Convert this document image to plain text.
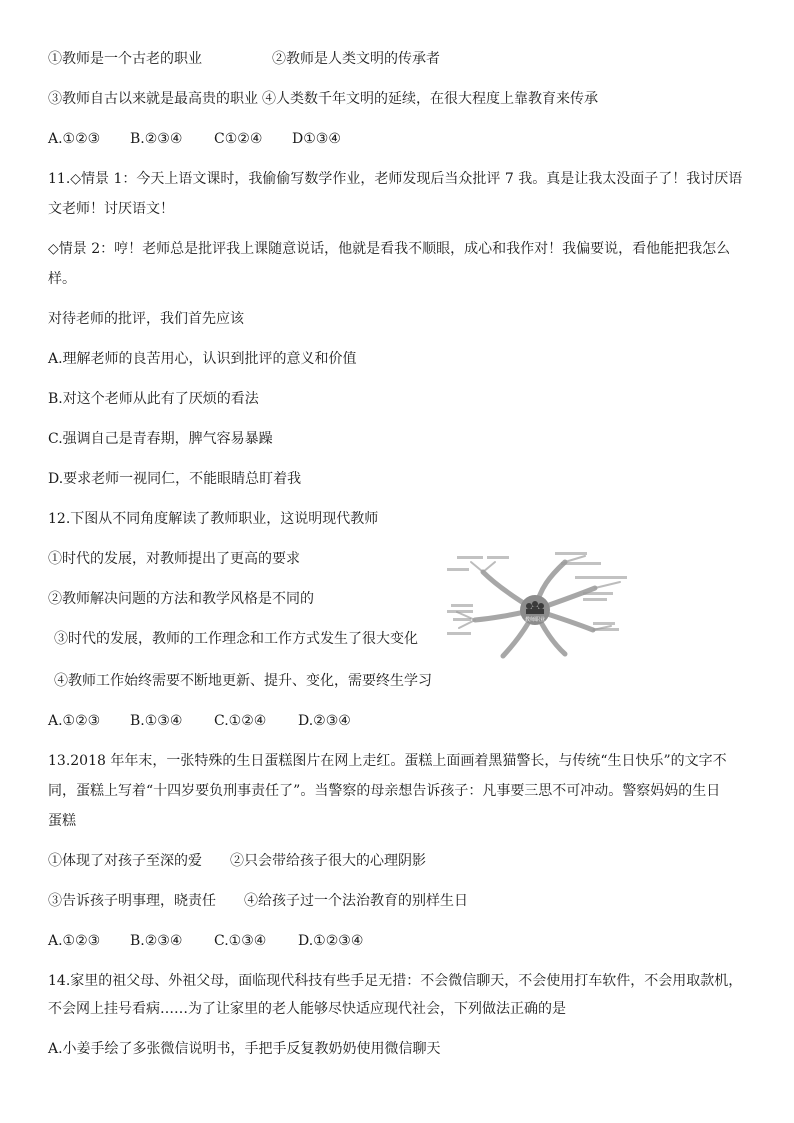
①教师是一个古老的职业	②教师是人类文明的传承者
③教师自古以来就是最高贵的职业 ④人类数千年文明的延续，在很大程度上靠教育来传承
A.①②③ B.②③④ C①②④ D①③④
11.◇情景 1：今天上语文课时，我偷偷写数学作业，老师发现后当众批评 7 我。真是让我太没面子了！我讨厌语
文老师！讨厌语文！
◇情景 2：哼！老师总是批评我上课随意说话，他就是看我不顺眼，成心和我作对！我偏要说，看他能把我怎么
样。
对待老师的批评，我们首先应该
A.理解老师的良苦用心，认识到批评的意义和价值
B.对这个老师从此有了厌烦的看法
C.强调自己是青春期，脾气容易暴躁
D.要求老师一视同仁，不能眼睛总盯着我
12.下图从不同角度解读了教师职业，这说明现代教师
①时代的发展，对教师提出了更高的要求
②教师解决问题的方法和教学风格是不同的
③时代的发展，教师的工作理念和工作方式发生了很大变化
④教师工作始终需要不断地更新、提升、变化，需要终生学习
A.①②③ B.①③④ C.①②④ D.②③④
教师职业
13.2018 年年末，一张特殊的生日蛋糕图片在网上走红。蛋糕上面画着黑猫警长，与传统“生日快乐”的文字不
同，蛋糕上写着“十四岁要负刑事责任了”。当警察的母亲想告诉孩子：凡事要三思不可冲动。警察妈妈的生日
蛋糕
①体现了对孩子至深的爱　　②只会带给孩子很大的心理阴影
③告诉孩子明事理，晓责任　　④给孩子过一个法治教育的别样生日
A.①②③ B.②③④ C.①③④ D.①②③④
14.家里的祖父母、外祖父母，面临现代科技有些手足无措：不会微信聊天，不会使用打车软件，不会用取款机，
不会网上挂号看病……为了让家里的老人能够尽快适应现代社会，下列做法正确的是
A.小姜手绘了多张微信说明书，手把手反复教奶奶使用微信聊天
